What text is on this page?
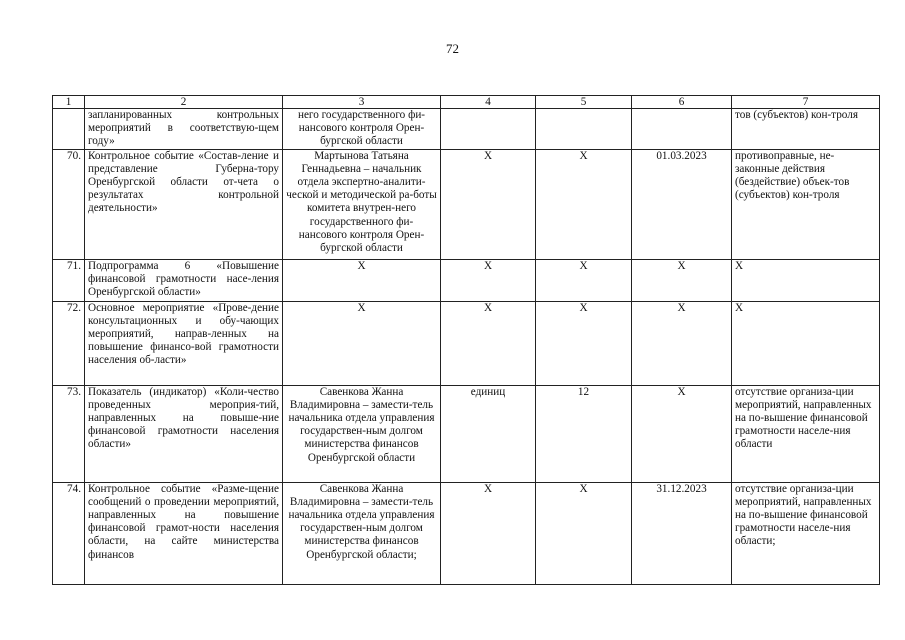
72
1	2	3	4	5	6	7
	запланированных контрольных мероприятий в соответствую-щем году»	него государственного фи-нансового контроля Орен-бургской области				тов (субъектов) кон-троля
70.	Контрольное событие «Состав-ление и представление Губерна-тору Оренбургской области от-чета о результатах контрольной деятельности»	Мартынова Татьяна Геннадьевна – начальник отдела экспертно-аналити-ческой и методической ра-боты комитета внутрен-него государственного фи-нансового контроля Орен-бургской области	Х	Х	01.03.2023	противоправные, не-законные действия (бездействие) объек-тов (субъектов) кон-троля
71.	Подпрограмма 6 «Повышение финансовой грамотности насе-ления Оренбургской области»	Х	Х	Х	Х	Х
72.	Основное мероприятие «Прове-дение консультационных и обу-чающих мероприятий, направ-ленных на повышение финансо-вой грамотности населения об-ласти»	Х	Х	Х	Х	Х
73.	Показатель (индикатор) «Коли-чество проведенных мероприя-тий, направленных на повыше-ние финансовой грамотности населения области»	Савенкова Жанна Владимировна – замести-тель начальника отдела управления государствен-ным долгом министерства финансов Оренбургской области	единиц	12	Х	отсутствие организа-ции мероприятий, направленных на по-вышение финансовой грамотности населе-ния области
74.	Контрольное событие «Разме-щение сообщений о проведении мероприятий, направленных на повышение финансовой грамот-ности населения области, на сайте министерства финансов	Савенкова Жанна Владимировна – замести-тель начальника отдела управления государствен-ным долгом министерства финансов Оренбургской области;	Х	Х	31.12.2023	отсутствие организа-ции мероприятий, направленных на по-вышение финансовой грамотности населе-ния области;
